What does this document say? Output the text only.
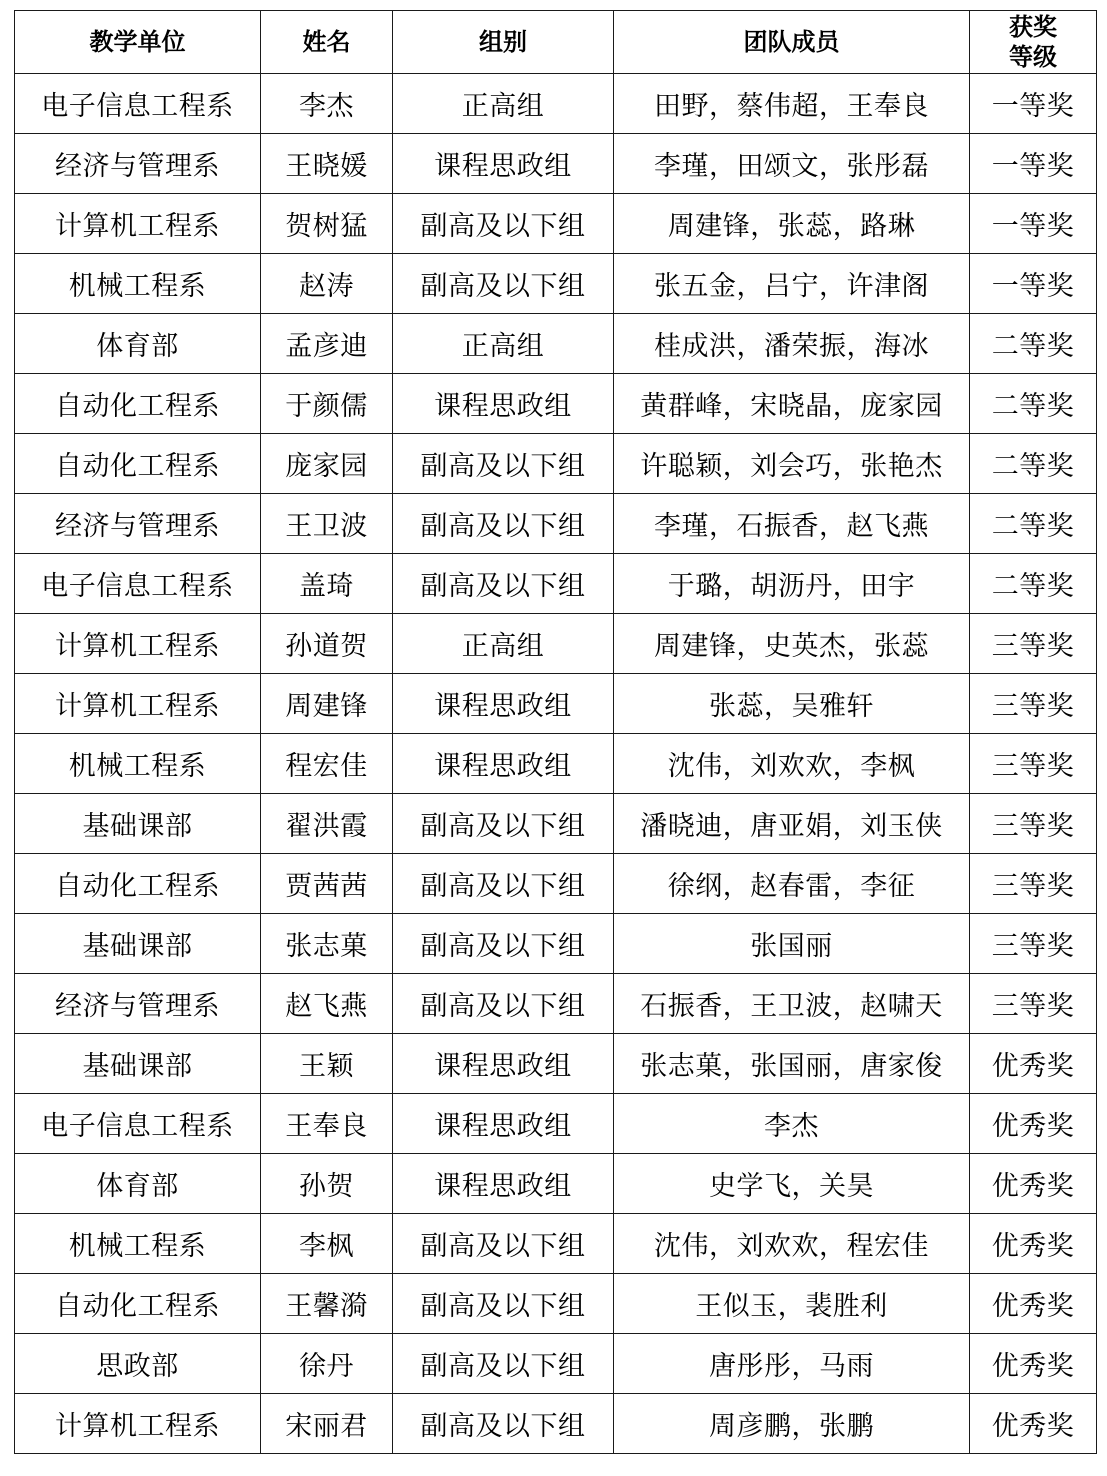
教学单位	姓名	组别	团队成员	获奖
等级
电子信息工程系	李杰	正高组	田野，蔡伟超，王奉良	一等奖
经济与管理系	王晓媛	课程思政组	李瑾，田颂文，张彤磊	一等奖
计算机工程系	贺树猛	副高及以下组	周建锋，张蕊，路琳	一等奖
机械工程系	赵涛	副高及以下组	张五金，吕宁，许津阁	一等奖
体育部	孟彦迪	正高组	桂成洪，潘荣振，海冰	二等奖
自动化工程系	于颜儒	课程思政组	黄群峰，宋晓晶，庞家园	二等奖
自动化工程系	庞家园	副高及以下组	许聪颖，刘会巧，张艳杰	二等奖
经济与管理系	王卫波	副高及以下组	李瑾，石振香，赵飞燕	二等奖
电子信息工程系	盖琦	副高及以下组	于璐，胡沥丹，田宇	二等奖
计算机工程系	孙道贺	正高组	周建锋，史英杰，张蕊	三等奖
计算机工程系	周建锋	课程思政组	张蕊，吴雅轩	三等奖
机械工程系	程宏佳	课程思政组	沈伟，刘欢欢，李枫	三等奖
基础课部	翟洪霞	副高及以下组	潘晓迪，唐亚娟，刘玉侠	三等奖
自动化工程系	贾茜茜	副高及以下组	徐纲，赵春雷，李征	三等奖
基础课部	张志菓	副高及以下组	张国丽	三等奖
经济与管理系	赵飞燕	副高及以下组	石振香，王卫波，赵啸天	三等奖
基础课部	王颖	课程思政组	张志菓，张国丽，唐家俊	优秀奖
电子信息工程系	王奉良	课程思政组	李杰	优秀奖
体育部	孙贺	课程思政组	史学飞，关昊	优秀奖
机械工程系	李枫	副高及以下组	沈伟，刘欢欢，程宏佳	优秀奖
自动化工程系	王馨漪	副高及以下组	王似玉，裴胜利	优秀奖
思政部	徐丹	副高及以下组	唐彤彤，马雨	优秀奖
计算机工程系	宋丽君	副高及以下组	周彦鹏，张鹏	优秀奖
